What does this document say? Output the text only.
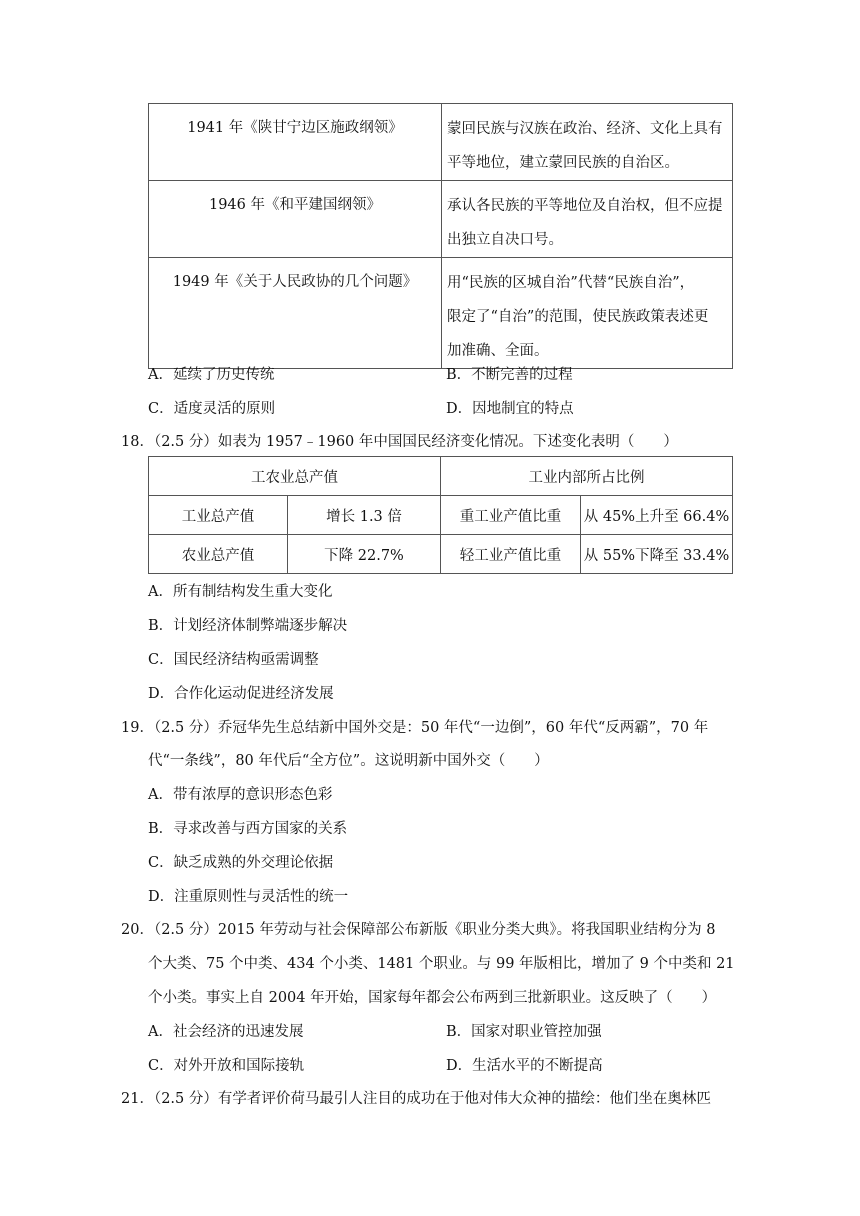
1941 年《陕甘宁边区施政纲领》	蒙回民族与汉族在政治、经济、文化上具有
平等地位，建立蒙回民族的自治区。

1946 年《和平建国纲领》	承认各民族的平等地位及自治权，但不应提
出独立自决口号。

1949 年《关于人民政协的几个问题》	用“民族的区城自治”代替“民族自治”，
限定了“自治”的范围，使民族政策表述更
加准确、全面。
A．延续了历史传统	B．不断完善的过程
C．适度灵活的原则	D．因地制宜的特点
18．（2.5 分）如表为 1957﹣1960 年中国国民经济变化情况。下述变化表明（　　）
工农业总产值		工业内部所占比例	
工业总产值	增长 1.3 倍	重工业产值比重	从 45%上升至 66.4%
农业总产值	下降 22.7%	轻工业产值比重	从 55%下降至 33.4%
A．所有制结构发生重大变化
B．计划经济体制弊端逐步解决
C．国民经济结构亟需调整
D．合作化运动促进经济发展
19．（2.5 分）乔冠华先生总结新中国外交是：50 年代“一边倒”，60 年代“反两霸”，70 年
代“一条线”，80 年代后“全方位”。这说明新中国外交（　　）
A．带有浓厚的意识形态色彩
B．寻求改善与西方国家的关系
C．缺乏成熟的外交理论依据
D．注重原则性与灵活性的统一
20．（2.5 分）2015 年劳动与社会保障部公布新版《职业分类大典》。将我国职业结构分为 8
个大类、75 个中类、434 个小类、1481 个职业。与 99 年版相比，增加了 9 个中类和 21
个小类。事实上自 2004 年开始，国家每年都会公布两到三批新职业。这反映了（　　）
A．社会经济的迅速发展	B．国家对职业管控加强
C．对外开放和国际接轨	D．生活水平的不断提高
21．（2.5 分）有学者评价荷马最引人注目的成功在于他对伟大众神的描绘：他们坐在奥林匹
